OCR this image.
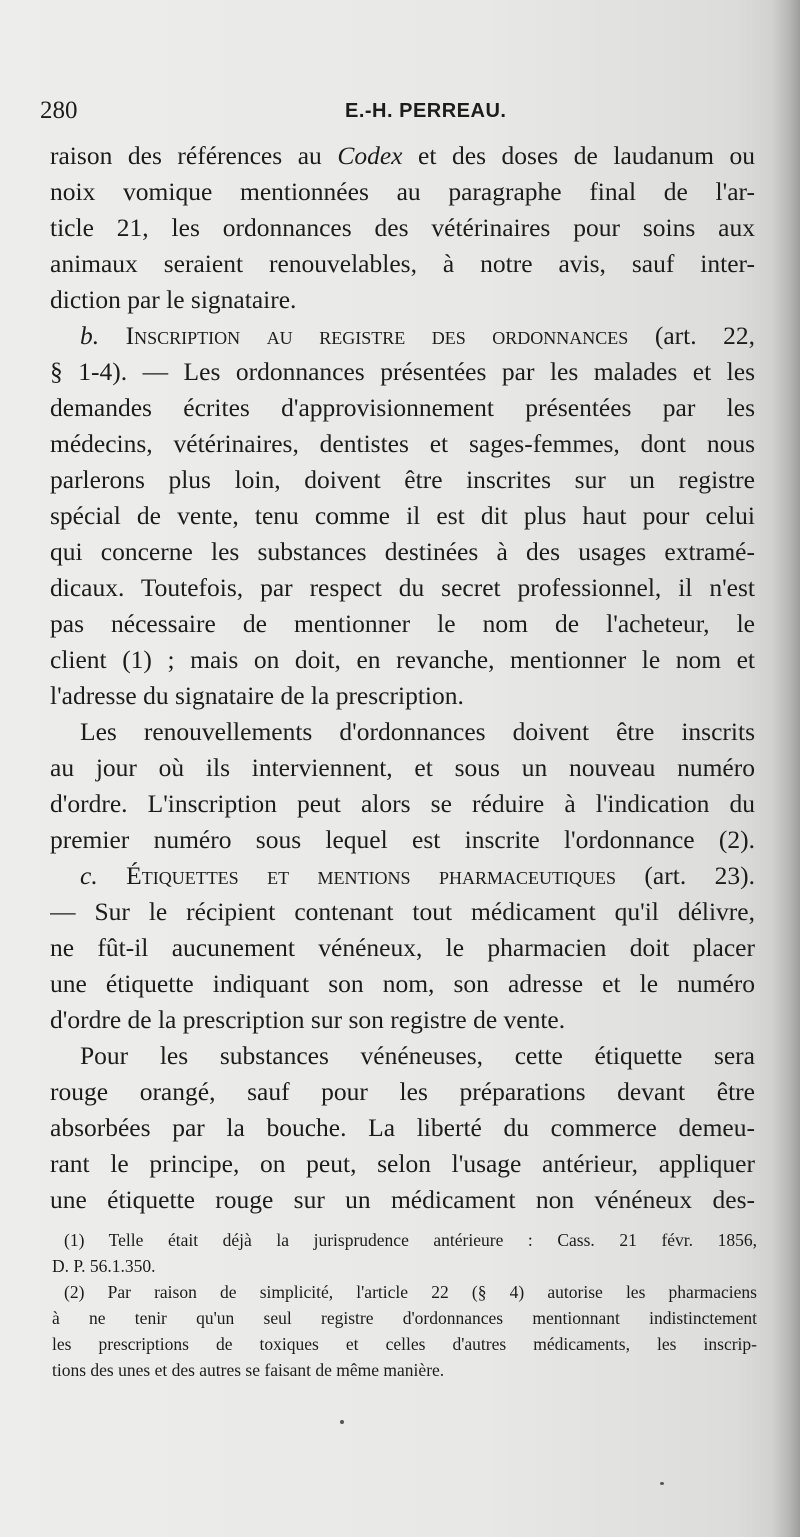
280	E.-H. PERREAU.
raison des références au Codex et des doses de laudanum ou
noix vomique mentionnées au paragraphe final de l'ar-
ticle 21, les ordonnances des vétérinaires pour soins aux
animaux seraient renouvelables, à notre avis, sauf inter-
diction par le signataire.
b. Inscription au registre des ordonnances (art. 22,
§ 1-4). — Les ordonnances présentées par les malades et les
demandes écrites d'approvisionnement présentées par les
médecins, vétérinaires, dentistes et sages-femmes, dont nous
parlerons plus loin, doivent être inscrites sur un registre
spécial de vente, tenu comme il est dit plus haut pour celui
qui concerne les substances destinées à des usages extramé-
dicaux. Toutefois, par respect du secret professionnel, il n'est
pas nécessaire de mentionner le nom de l'acheteur, le
client (1) ; mais on doit, en revanche, mentionner le nom et
l'adresse du signataire de la prescription.
Les renouvellements d'ordonnances doivent être inscrits
au jour où ils interviennent, et sous un nouveau numéro
d'ordre. L'inscription peut alors se réduire à l'indication du
premier numéro sous lequel est inscrite l'ordonnance (2).
c. Étiquettes et mentions pharmaceutiques (art. 23).
— Sur le récipient contenant tout médicament qu'il délivre,
ne fût-il aucunement vénéneux, le pharmacien doit placer
une étiquette indiquant son nom, son adresse et le numéro
d'ordre de la prescription sur son registre de vente.
Pour les substances vénéneuses, cette étiquette sera
rouge orangé, sauf pour les préparations devant être
absorbées par la bouche. La liberté du commerce demeu-
rant le principe, on peut, selon l'usage antérieur, appliquer
une étiquette rouge sur un médicament non vénéneux des-
(1) Telle était déjà la jurisprudence antérieure : Cass. 21 févr. 1856,
D. P. 56.1.350.
(2) Par raison de simplicité, l'article 22 (§ 4) autorise les pharmaciens
à ne tenir qu'un seul registre d'ordonnances mentionnant indistinctement
les prescriptions de toxiques et celles d'autres médicaments, les inscrip-
tions des unes et des autres se faisant de même manière.
